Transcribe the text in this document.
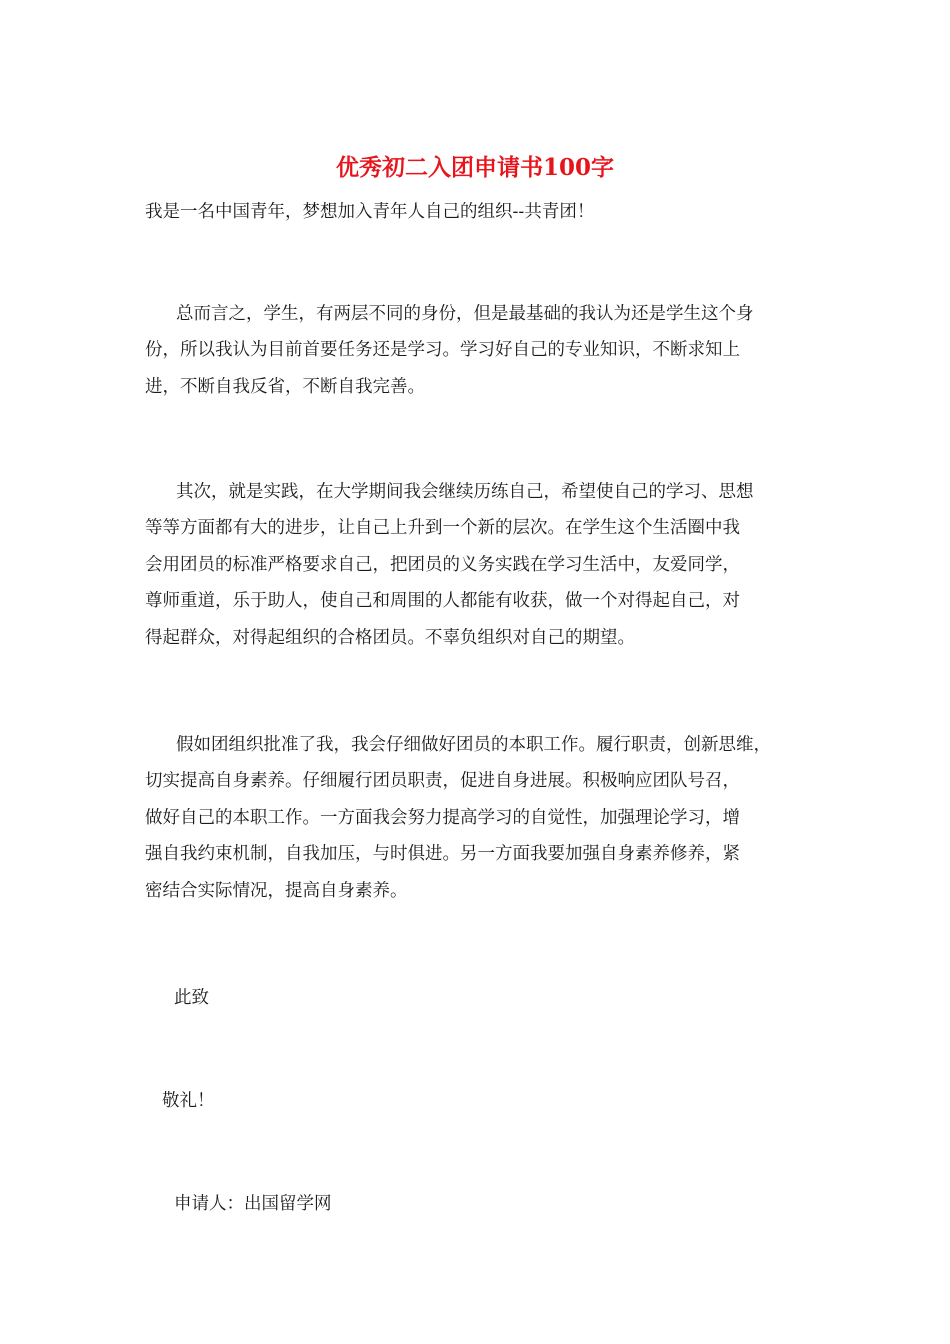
优秀初二入团申请书100字

我是一名中国青年，梦想加入青年人自己的组织--共青团！

总而言之，学生，有两层不同的身份，但是最基础的我认为还是学生这个身
份，所以我认为目前首要任务还是学习。学习好自己的专业知识，不断求知上
进，不断自我反省，不断自我完善。
其次，就是实践，在大学期间我会继续历练自己，希望使自己的学习、思想
等等方面都有大的进步，让自己上升到一个新的层次。在学生这个生活圈中我
会用团员的标准严格要求自己，把团员的义务实践在学习生活中，友爱同学，
尊师重道，乐于助人，使自己和周围的人都能有收获，做一个对得起自己，对
得起群众，对得起组织的合格团员。不辜负组织对自己的期望。
假如团组织批准了我，我会仔细做好团员的本职工作。履行职责，创新思维，
切实提高自身素养。仔细履行团员职责，促进自身进展。积极响应团队号召，
做好自己的本职工作。一方面我会努力提高学习的自觉性，加强理论学习，增
强自我约束机制，自我加压，与时俱进。另一方面我要加强自身素养修养，紧
密结合实际情况，提高自身素养。

此致

敬礼！

申请人：出国留学网
